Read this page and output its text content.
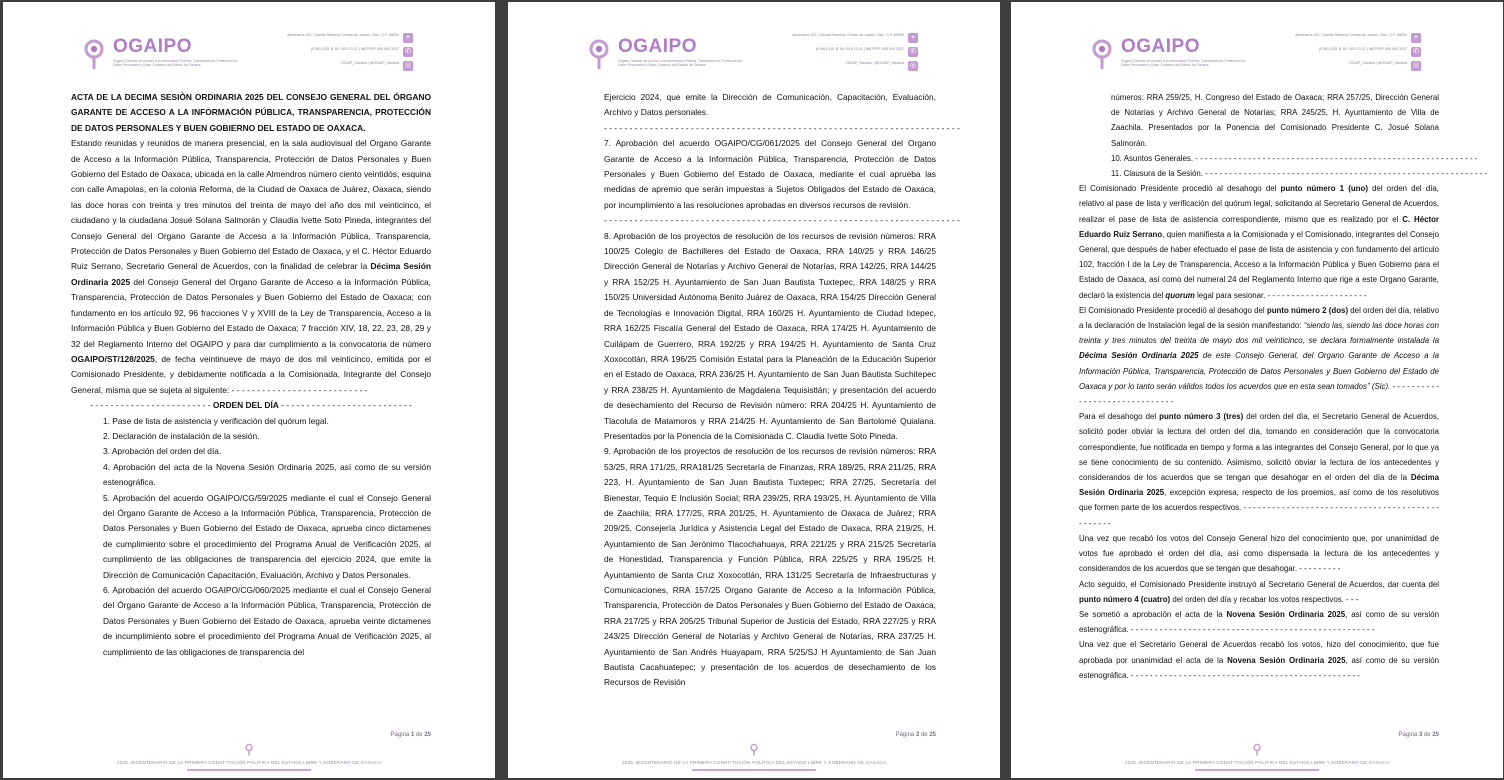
OGAIPO
Órgano Garante de Acceso a la Información Pública, Transparencia, Protección de Datos Personales y Buen Gobierno del Estado de Oaxaca
Almendros 122, Colonia Reforma, Centro de Juárez, Oax., C.P. 68050	⌖
(0 951) 515 11 90 / 515 23 21 | WATSPP. 800 004 3247 ✆
OGAIP_Oaxaca | @OGAIP_Oaxaca ◎

ACTA DE LA DECIMA SESIÒN ORDINARIA 2025 DEL CONSEJO GENERAL DEL ÓRGANO GARANTE DE ACCESO A LA INFORMACIÓN PÚBLICA, TRANSPARENCIA, PROTECCIÓN DE DATOS PERSONALES Y BUEN GOBIERNO DEL ESTADO DE OAXACA.

Estando reunidas y reunidos de manera presencial, en la sala audiovisual del Organo Garante de Acceso a la Información Pública, Transparencia, Protección de Datos Personales y Buen Gobierno del Estado de Oaxaca, ubicada en la calle Almendros número ciento veintidós, esquina con calle Amapolas, en la colonia Reforma, de la Ciudad de Oaxaca de Juárez, Oaxaca, siendo las doce horas con treinta y tres minutos del treinta de mayo del año dos mil veinticinco, el ciudadano y la ciudadana Josué Solana Salmorán y Claudia Ivette Soto Pineda, integrantes del Consejo General del Organo Garante de Acceso a la Información Pública, Transparencia, Protección de Datos Personales y Buen Gobierno del Estado de Oaxaca, y el C. Héctor Eduardo Ruiz Serrano, Secretario General de Acuerdos, con la finalidad de celebrar la Décima Sesión Ordinaria 2025 del Consejo General del Organo Garante de Acceso a la Información Pública, Transparencia, Protección de Datos Personales y Buen Gobierno del Estado de Oaxaca; con fundamento en los artículo 92, 96 fracciones V y XVIII de la Ley de Transparencia, Acceso a la Información Pública y Buen Gobierno del Estado de Oaxaca; 7 fracción XIV, 18, 22, 23, 28, 29 y 32 del Reglamento Interno del OGAIPO y para dar cumplimiento a la convocatoria de número OGAIPO/ST/128/2025, de fecha veintinueve de mayo de dos mil veinticinco, emitida por el Comisionado Presidente, y debidamente notificada a la Comisionada, Integrante del Consejo General, misma que se sujeta al siguiente: - - - - - - - - - - - - - - - - - - - - - - - - - - -

- - - - - - - - - - - - - - - - - - - - - - - - ORDEN DEL DÍA - - - - - - - - - - - - - - - - - - - - - - - - - -

1. Pase de lista de asistencia y verificación del quórum legal.

2. Declaración de instalación de la sesión.

3. Aprobación del orden del día.

4. Aprobación del acta de la Novena Sesión Ordinaria 2025, así como de su versión estenográfica.

5. Aprobación del acuerdo OGAIPO/CG/59/2025 mediante el cual el Consejo General del Órgano Garante de Acceso a la Información Pública, Transparencia, Protección de Datos Personales y Buen Gobierno del Estado de Oaxaca, aprueba cinco dictamenes de cumplimiento sobre el procedimiento del Programa Anual de Verificación 2025, al cumplimiento de las obligaciones de transparencia del ejercicio 2024, que emite la Dirección de Comunicación Capacitación, Evaluación, Archivo y Datos Personales.

6. Aprobación del acuerdo OGAIPO/CG/060/2025 mediante el cual el Consejo General del Órgano Garante de Acceso a la Información Pública, Transparencia, Protección de Datos Personales y Buen Gobierno del Estado de Oaxaca, aprueba veinte dictamenes de incumplimiento sobre el procedimiento del Programa Anual de Verificación 2025, al cumplimiento de las obligaciones de transparencia del

Página 1 de 25
2025, BICENTENARIO DE LA PRIMERA CONSTITUCIÓN POLÍTICA DEL ESTADO LIBRE Y SOBERANO DE OAXACA
OGAIPO
Órgano Garante de Acceso a la Información Pública, Transparencia, Protección de Datos Personales y Buen Gobierno del Estado de Oaxaca
Almendros 122, Colonia Reforma, Centro de Juárez, Oax., C.P. 68050	⌖
(0 951) 515 11 90 / 515 23 21 | WATSPP. 800 004 3247 ✆
OGAIP_Oaxaca | @OGAIP_Oaxaca ◎

Ejercicio 2024, que emite la Dirección de Comunicación, Capacitación, Evaluación, Archivo y Datos personales.

- - - - - - - - - - - - - - - - - - - - - - - - - - - - - - - - - - - - - - - - - - - - - - - - - - - - - - - - - - - - - - - - - - - - - -

7. Aprobación del acuerdo OGAIPO/CG/061/2025 del Consejo General del Organo Garante de Acceso a la Información Pública, Transparencia, Protección de Datos Personales y Buen Gobierno del Estado de Oaxaca, mediante el cual aprueba las medidas de apremio que serán impuestas a Sujetos Obligados del Estado de Oaxaca, por incumplimiento a las resoluciones aprobadas en diversos recursos de revisión.

- - - - - - - - - - - - - - - - - - - - - - - - - - - - - - - - - - - - - - - - - - - - - - - - - - - - - - - - - - - - - - - - - - - - - -

8. Aprobación de los proyectos de resolución de los recursos de revisión números: RRA 100/25 Colegio de Bachilleres del Estado de Oaxaca, RRA 140/25 y RRA 146/25 Dirección General de Notarías y Archivo General de Notarías, RRA 142/25, RRA 144/25 y RRA 152/25 H. Ayuntamiento de San Juan Bautista Tuxtepec, RRA 148/25 y RRA 150/25 Universidad Autónoma Benito Juárez de Oaxaca, RRA 154/25 Dirección General de Tecnologías e Innovación Digital, RRA 160/25 H. Ayuntamiento de Ciudad Ixtepec, RRA 162/25 Fiscalía General del Estado de Oaxaca, RRA 174/25 H. Ayuntamiento de Cuilápam de Guerrero, RRA 192/25 y RRA 194/25 H. Ayuntamiento de Santa Cruz Xoxocotlán, RRA 196/25 Comisión Estatal para la Planeación de la Educación Superior en el Estado de Oaxaca, RRA 236/25 H. Ayuntamiento de San Juan Bautista Suchitepec y RRA 238/25 H. Ayuntamiento de Magdalena Tequisistlán; y presentación del acuerdo de desechamiento del Recurso de Revisión número: RRA 204/25 H. Ayuntamiento de Tlacolula de Matamoros y RRA 214/25 H. Ayuntamiento de San Bartolomé Quialana. Presentados por la Ponencia de la Comisionada C. Claudia Ivette Soto Pineda.

9. Aprobación de los proyectos de resolución de los recursos de revisión números: RRA 53/25, RRA 171/25, RRA181/25 Secretaría de Finanzas, RRA 189/25, RRA 211/25, RRA 223, H. Ayuntamiento de San Juan Bautista Tuxtepec; RRA 27/25, Secretaría del Bienestar, Tequio E Inclusión Social; RRA 239/25, RRA 193/25, H. Ayuntamiento de Villa de Zaachila; RRA 177/25, RRA 201/25, H. Ayuntamiento de Oaxaca de Juárez; RRA 209/25, Consejería Jurídica y Asistencia Legal del Estado de Oaxaca, RRA 219/25, H. Ayuntamiento de San Jerónimo Tlacochahuaya, RRA 221/25 y RRA 215/25 Secretaría de Honestidad, Transparencia y Función Pública, RRA 225/25 y RRA 195/25 H. Ayuntamiento de Santa Cruz Xoxocotlán, RRA 131/25 Secretaría de Infraestructuras y Comunicaciones, RRA 157/25 Organo Garante de Acceso a la Información Pública, Transparencia, Protección de Datos Personales y Buen Gobierno del Estado de Oaxaca, RRA 217/25 y RRA 205/25 Tribunal Superior de Justicia del Estado, RRA 227/25 y RRA 243/25 Dirección General de Notarías y Archivo General de Notarías, RRA 237/25 H. Ayuntamiento de San Andrés Huayapam, RRA 5/25/SJ H Ayuntamiento de San Juan Bautista Cacahuatepec; y presentación de los acuerdos de desechamiento de los Recursos de Revisión

Página 2 de 25
2025, BICENTENARIO DE LA PRIMERA CONSTITUCIÓN POLÍTICA DEL ESTADO LIBRE Y SOBERANO DE OAXACA
OGAIPO
Órgano Garante de Acceso a la Información Pública, Transparencia, Protección de Datos Personales y Buen Gobierno del Estado de Oaxaca
Almendros 122, Colonia Reforma, Centro de Juárez, Oax., C.P. 68050	⌖
(0 951) 515 11 90 / 515 23 21 | WATSPP. 800 004 3247 ✆
OGAIP_Oaxaca | @OGAIP_Oaxaca ◎

números: RRA 259/25, H. Congreso del Estado de Oaxaca; RRA 257/25, Dirección General de Notarías y Archivo General de Notarías; RRA 245/25, H. Ayuntamiento de Villa de Zaachila. Presentados por la Ponencia del Comisionado Presidente C. Josué Solana Salmorán.

10. Asuntos Generales. - - - - - - - - - - - - - - - - - - - - - - - - - - - - - - - - - - - - - - - - - - - - - - - - - - - - - - - - - - -

11. Clausura de la Sesión. - - - - - - - - - - - - - - - - - - - - - - - - - - - - - - - - - - - - - - - - - - - - - - - - - - - - - - - - - - -

El Comisionado Presidente procedió al desahogo del punto número 1 (uno) del orden del día, relativo al pase de lista y verificación del quórum legal, solicitando al Secretario General de Acuerdos, realizar el pase de lista de asistencia correspondiente, mismo que es realizado por el C. Héctor Eduardo Ruiz Serrano, quien manifiesta a la Comisionada y el Comisionado, integrantes del Consejo General, que después de haber efectuado el pase de lista de asistencia y con fundamento del artículo 102, fracción I de la Ley de Transparencia, Acceso a la Información Pública y Buen Gobierno para el Estado de Oaxaca, así como del numeral 24 del Reglamento Interno que rige a este Organo Garante, declaró la existencia del quorum legal para sesionar. - - - - - - - - - - - - - - - - - - - - -

El Comisionado Presidente procedió al desahogo del punto número 2 (dos) del orden del día, relativo a la declaración de Instalación legal de la sesión manifestando: “siendo las, siendo las doce horas con treinta y tres minutos del treinta de mayo dos mil veinticinco, se declara formalmente instalada la Décima Sesión Ordinaria 2025 de este Consejo General, del Organo Garante de Acceso a la Información Pública, Transparencia, Protección de Datos Personales y Buen Gobierno del Estado de Oaxaca y por lo tanto serán válidos todos los acuerdos que en esta sean tomados” (Sic). - - - - - - - - - - - - - - - - - - - - - - - - - - - - - -

Para el desahogo del punto número 3 (tres) del orden del día, el Secretario General de Acuerdos, solicitó poder obviar la lectura del orden del día, tomando en consideración que la convocatoria correspondiente, fue notificada en tiempo y forma a las integrantes del Consejo General, por lo que ya se tiene conocimiento de su contenido. Asimismo, solicitó obviar la lectura de los antecedentes y considerandos de los acuerdos que se tengan que desahogar en el orden del día de la Décima Sesión Ordinaria 2025, excepción expresa, respecto de los proemios, así como de los resolutivos que formen parte de los acuerdos respectivos. - - - - - - - - - - - - - - - - - - - - - - - - - - - - - - - - - - - - - - - - - - - - - - - -

Una vez que recabó los votos del Consejo General hizo del conocimiento que, por unanimidad de votos fue aprobado el orden del día, así como dispensada la lectura de los antecedentes y considerandos de los acuerdos que se tengan que desahogar. - - - - - - - - -

Acto seguido, el Comisionado Presidente instruyó al Secretario General de Acuerdos, dar cuenta del punto número 4 (cuatro) del orden del día y recabar los votos respectivos. - - -

Se sometió a aprobación el acta de la Novena Sesión Ordinaria 2025, así como de su versión estenográfica. - - - - - - - - - - - - - - - - - - - - - - - - - - - - - - - - - - - - - - - - - - - - - - - - - - -

Una vez que el Secretario General de Acuerdos recabó los votos, hizo del conocimiento, que fue aprobada por unanimidad el acta de la Novena Sesión Ordinaria 2025, así como de su versión estenográfica. - - - - - - - - - - - - - - - - - - - - - - - - - - - - - - - - - - - - - - - - - - - - - - - -

Página 3 de 25
2025, BICENTENARIO DE LA PRIMERA CONSTITUCIÓN POLÍTICA DEL ESTADO LIBRE Y SOBERANO DE OAXACA
